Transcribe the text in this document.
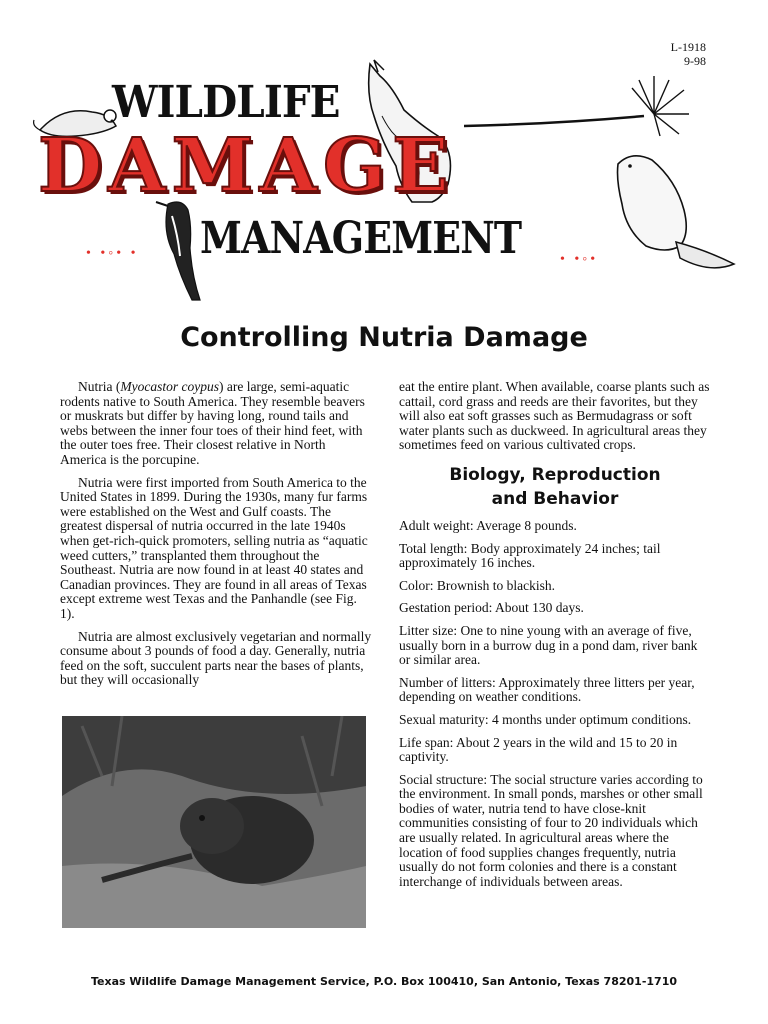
L-1918
9-98
WILDLIFE
DAMAGE
MANAGEMENT
• •◦• •	• •◦•
Controlling Nutria Damage

Nutria (Myocastor coypus) are large, semi-aquatic rodents native to South America. They resemble beavers or muskrats but differ by having long, round tails and webs between the inner four toes of their hind feet, with the outer toes free. Their closest relative in North America is the porcupine.

Nutria were first imported from South America to the United States in 1899. During the 1930s, many fur farms were established on the West and Gulf coasts. The greatest dispersal of nutria occurred in the late 1940s when get-rich-quick promoters, selling nutria as “aquatic weed cutters,” transplanted them throughout the Southeast. Nutria are now found in at least 40 states and Canadian provinces. They are found in all areas of Texas except extreme west Texas and the Panhandle (see Fig. 1).

Nutria are almost exclusively vegetarian and normally consume about 3 pounds of food a day. Generally, nutria feed on the soft, succulent parts near the bases of plants, but they will occasionally

eat the entire plant. When available, coarse plants such as cattail, cord grass and reeds are their favorites, but they will also eat soft grasses such as Bermudagrass or soft water plants such as duckweed. In agricultural areas they sometimes feed on various cultivated crops.

Biology, Reproduction
and Behavior

Adult weight: Average 8 pounds.

Total length: Body approximately 24 inches; tail approximately 16 inches.

Color: Brownish to blackish.

Gestation period: About 130 days.

Litter size: One to nine young with an average of five, usually born in a burrow dug in a pond dam, river bank or similar area.

Number of litters: Approximately three litters per year, depending on weather conditions.

Sexual maturity: 4 months under optimum conditions.

Life span: About 2 years in the wild and 15 to 20 in captivity.

Social structure: The social structure varies according to the environment. In small ponds, marshes or other small bodies of water, nutria tend to have close-knit communities consisting of four to 20 individuals which are usually related. In agricultural areas where the location of food supplies changes frequently, nutria usually do not form colonies and there is a constant interchange of individuals between areas.

Texas Wildlife Damage Management Service, P.O. Box 100410, San Antonio, Texas 78201-1710
